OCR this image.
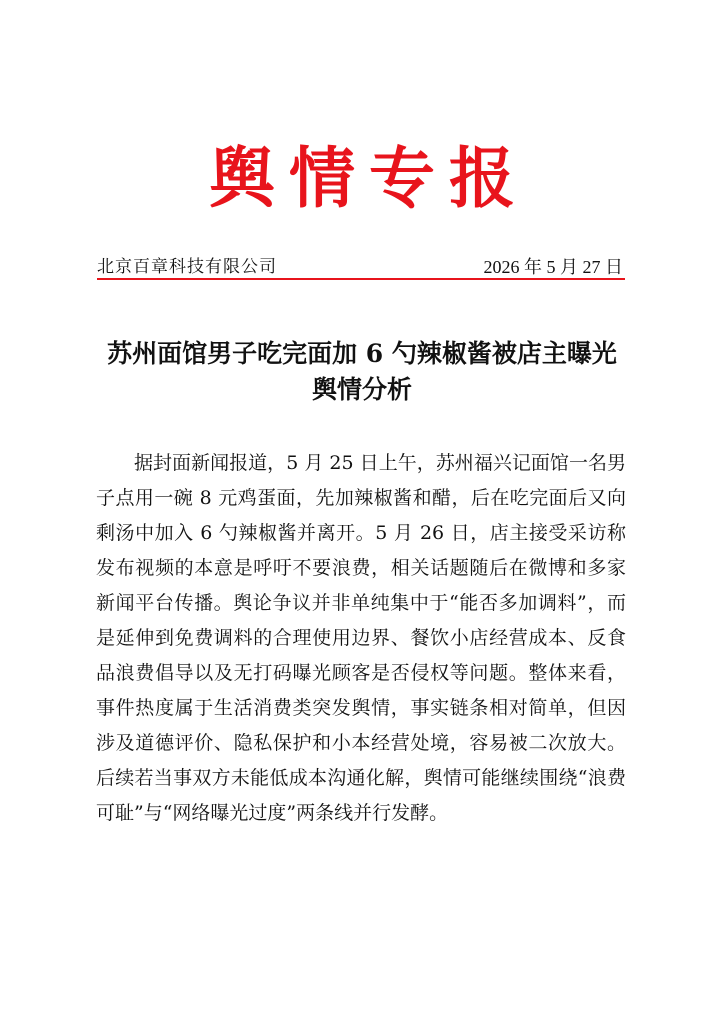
舆情专报
北京百章科技有限公司	2026 年 5 月 27 日
苏州面馆男子吃完面加 6 勺辣椒酱被店主曝光
舆情分析

据封面新闻报道，5 月 25 日上午，苏州福兴记面馆一名男子点用一碗 8 元鸡蛋面，先加辣椒酱和醋，后在吃完面后又向剩汤中加入 6 勺辣椒酱并离开。5 月 26 日，店主接受采访称发布视频的本意是呼吁不要浪费，相关话题随后在微博和多家新闻平台传播。舆论争议并非单纯集中于“能否多加调料”，而是延伸到免费调料的合理使用边界、餐饮小店经营成本、反食品浪费倡导以及无打码曝光顾客是否侵权等问题。整体来看，事件热度属于生活消费类突发舆情，事实链条相对简单，但因涉及道德评价、隐私保护和小本经营处境，容易被二次放大。后续若当事双方未能低成本沟通化解，舆情可能继续围绕“浪费可耻”与“网络曝光过度”两条线并行发酵。
